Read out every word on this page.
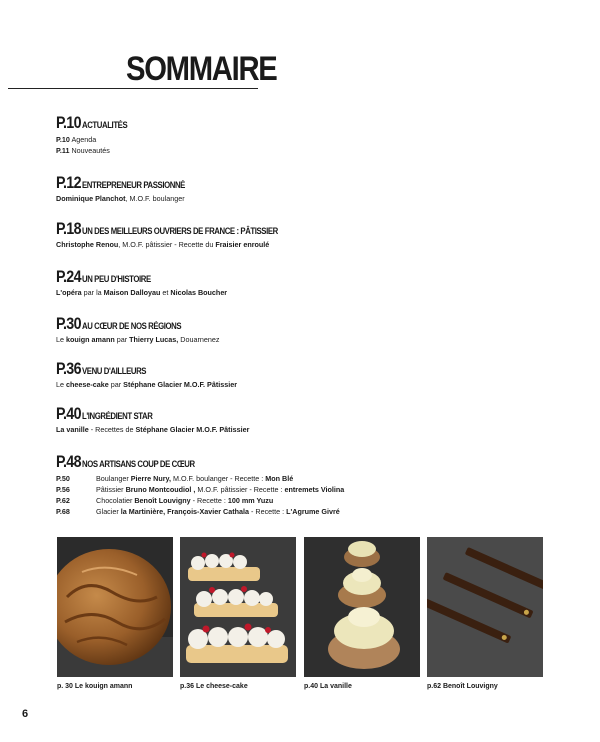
SOMMAIRE
P.10 ACTUALITÉS
P.10 Agenda
P.11 Nouveautés
P.12 ENTREPRENEUR PASSIONNÉ
Dominique Planchot, M.O.F. boulanger
P.18 UN DES MEILLEURS OUVRIERS DE FRANCE : PÂTISSIER
Christophe Renou, M.O.F. pâtissier - Recette du Fraisier enroulé
P.24 UN PEU D'HISTOIRE
L'opéra par la Maison Dalloyau et Nicolas Boucher
P.30 AU CŒUR DE NOS RÉGIONS
Le kouign amann par Thierry Lucas, Douarnenez
P.36 VENU D'AILLEURS
Le cheese-cake par Stéphane Glacier M.O.F. Pâtissier
P.40 L'INGRÉDIENT STAR
La vanille - Recettes de Stéphane Glacier M.O.F. Pâtissier
P.48 NOS ARTISANS COUP DE CŒUR
P.50	Boulanger Pierre Nury, M.O.F. boulanger - Recette : Mon Blé
P.56	Pâtissier Bruno Montcoudiol , M.O.F. pâtissier - Recette : entremets Violina
P.62	Chocolatier Benoît Louvigny - Recette : 100 mm Yuzu
P.68	Glacier la Martinière, François-Xavier Cathala - Recette : L'Agrume Givré
p. 30 Le kouign amann	p.36 Le cheese-cake	p.40 La vanille	p.62 Benoît Louvigny
6
